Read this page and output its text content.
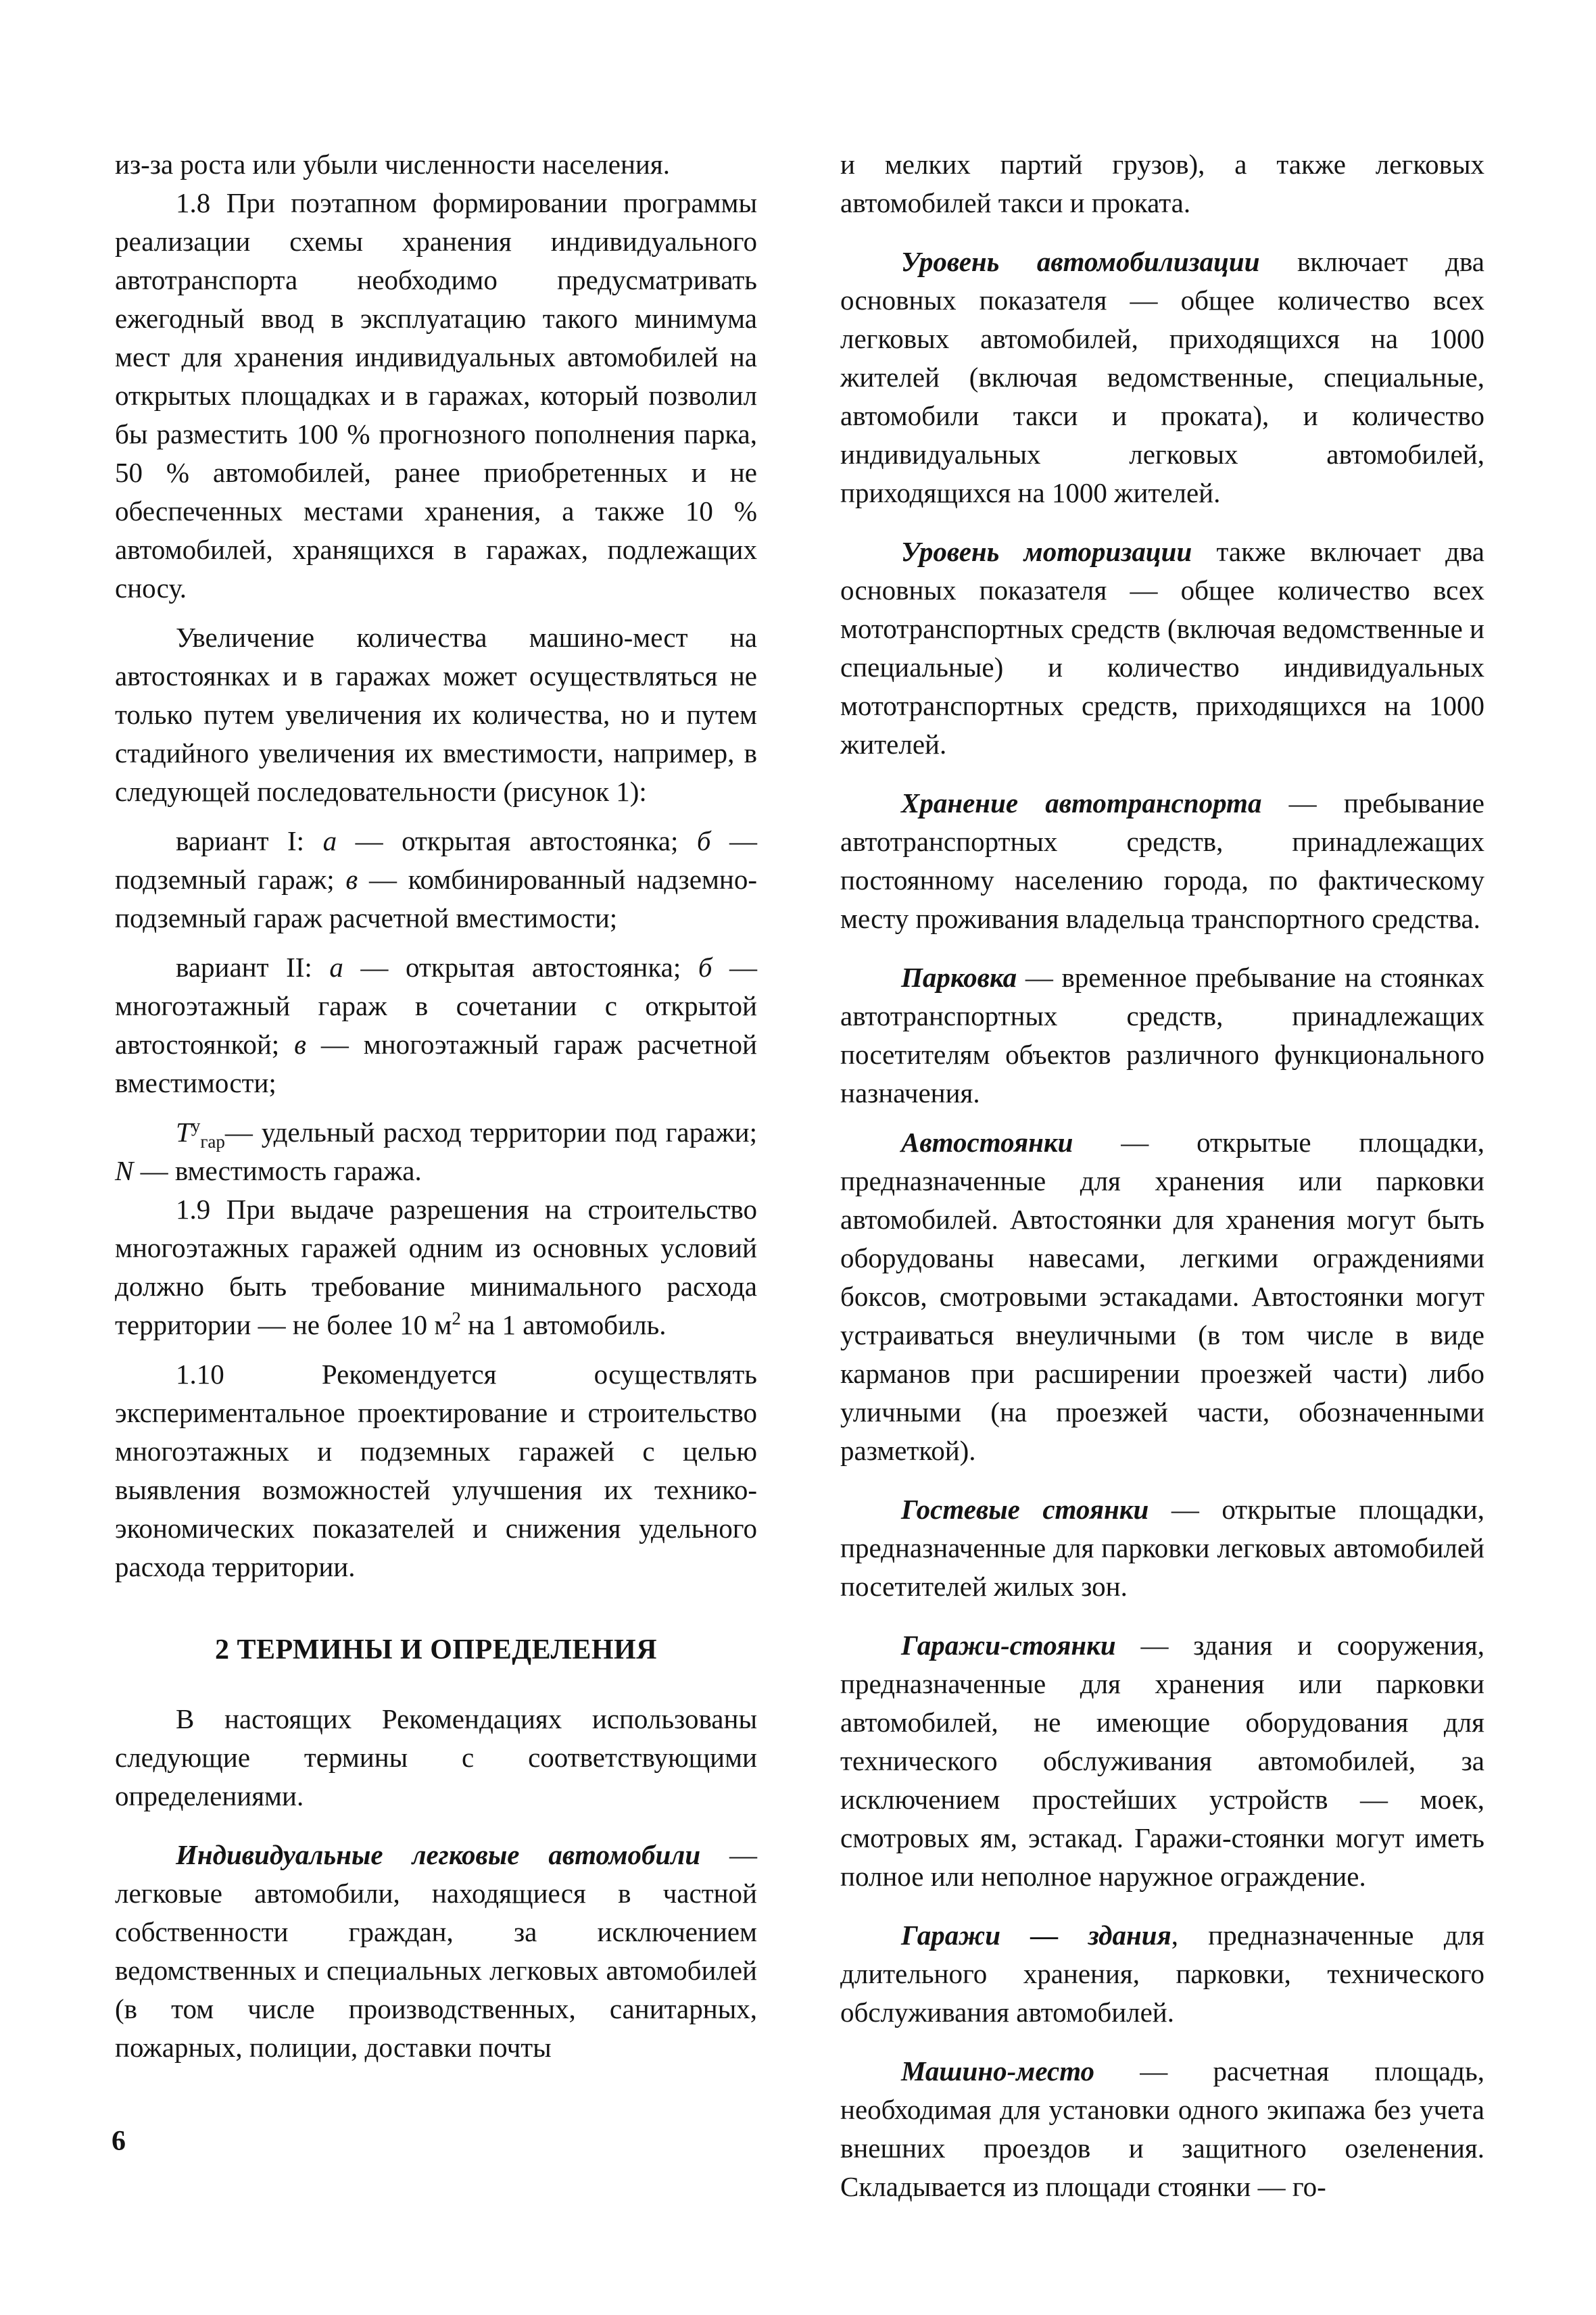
из-за роста или убыли численности населения.

1.8 При поэтапном формировании программы реализации схемы хранения индивидуального автотранспорта необходимо предусматривать ежегодный ввод в эксплуатацию такого минимума мест для хранения индивидуальных автомобилей на открытых площадках и в гаражах, который позволил бы разместить 100 % прогнозного пополнения парка, 50 % автомобилей, ранее приобретенных и не обеспеченных местами хранения, а также 10 % автомобилей, хранящихся в гаражах, подлежащих сносу.

Увеличение количества машино-мест на автостоянках и в гаражах может осуществляться не только путем увеличения их количества, но и путем стадийного увеличения их вместимости, например, в следующей последовательности (рисунок 1):

вариант I: а — открытая автостоянка; б — подземный гараж; в — комбинированный надземно-подземный гараж расчетной вместимости;

вариант II: а — открытая автостоянка; б — многоэтажный гараж в сочетании с открытой автостоянкой; в — многоэтажный гараж расчетной вместимости;

$T^у_{гар}—$ удельный расход территории под гаражи; N — вместимость гаража.

1.9 При выдаче разрешения на строительство многоэтажных гаражей одним из основных условий должно быть требование минимального расхода территории — не более 10 $м^2$ на 1 автомобиль.

1.10 Рекомендуется осуществлять экспериментальное проектирование и строительство многоэтажных и подземных гаражей с целью выявления возможностей улучшения их технико-экономических показателей и снижения удельного расхода территории.

2 ТЕРМИНЫ И ОПРЕДЕЛЕНИЯ

В настоящих Рекомендациях использованы следующие термины с соответствующими определениями.

Индивидуальные легковые автомобили — легковые автомобили, находящиеся в частной собственности граждан, за исключением ведомственных и специальных легковых автомобилей (в том числе производственных, санитарных, пожарных, полиции, доставки почты

и мелких партий грузов), а также легковых автомобилей такси и проката.

Уровень автомобилизации включает два основных показателя — общее количество всех легковых автомобилей, приходящихся на 1000 жителей (включая ведомственные, специальные, автомобили такси и проката), и количество индивидуальных легковых автомобилей, приходящихся на 1000 жителей.

Уровень моторизации также включает два основных показателя — общее количество всех мототранспортных средств (включая ведомственные и специальные) и количество индивидуальных мототранспортных средств, приходящихся на 1000 жителей.

Хранение автотранспорта — пребывание автотранспортных средств, принадлежащих постоянному населению города, по фактическому месту проживания владельца транспортного средства.

Парковка — временное пребывание на стоянках автотранспортных средств, принадлежащих посетителям объектов различного функционального назначения.

Автостоянки — открытые площадки, предназначенные для хранения или парковки автомобилей. Автостоянки для хранения могут быть оборудованы навесами, легкими ограждениями боксов, смотровыми эстакадами. Автостоянки могут устраиваться внеуличными (в том числе в виде карманов при расширении проезжей части) либо уличными (на проезжей части, обозначенными разметкой).

Гостевые стоянки — открытые площадки, предназначенные для парковки легковых автомобилей посетителей жилых зон.

Гаражи-стоянки — здания и сооружения, предназначенные для хранения или парковки автомобилей, не имеющие оборудования для технического обслуживания автомобилей, за исключением простейших устройств — моек, смотровых ям, эстакад. Гаражи-стоянки могут иметь полное или неполное наружное ограждение.

Гаражи — здания, предназначенные для длительного хранения, парковки, технического обслуживания автомобилей.

Машино-место — расчетная площадь, необходимая для установки одного экипажа без учета внешних проездов и защитного озеленения. Складывается из площади стоянки — го-

6
